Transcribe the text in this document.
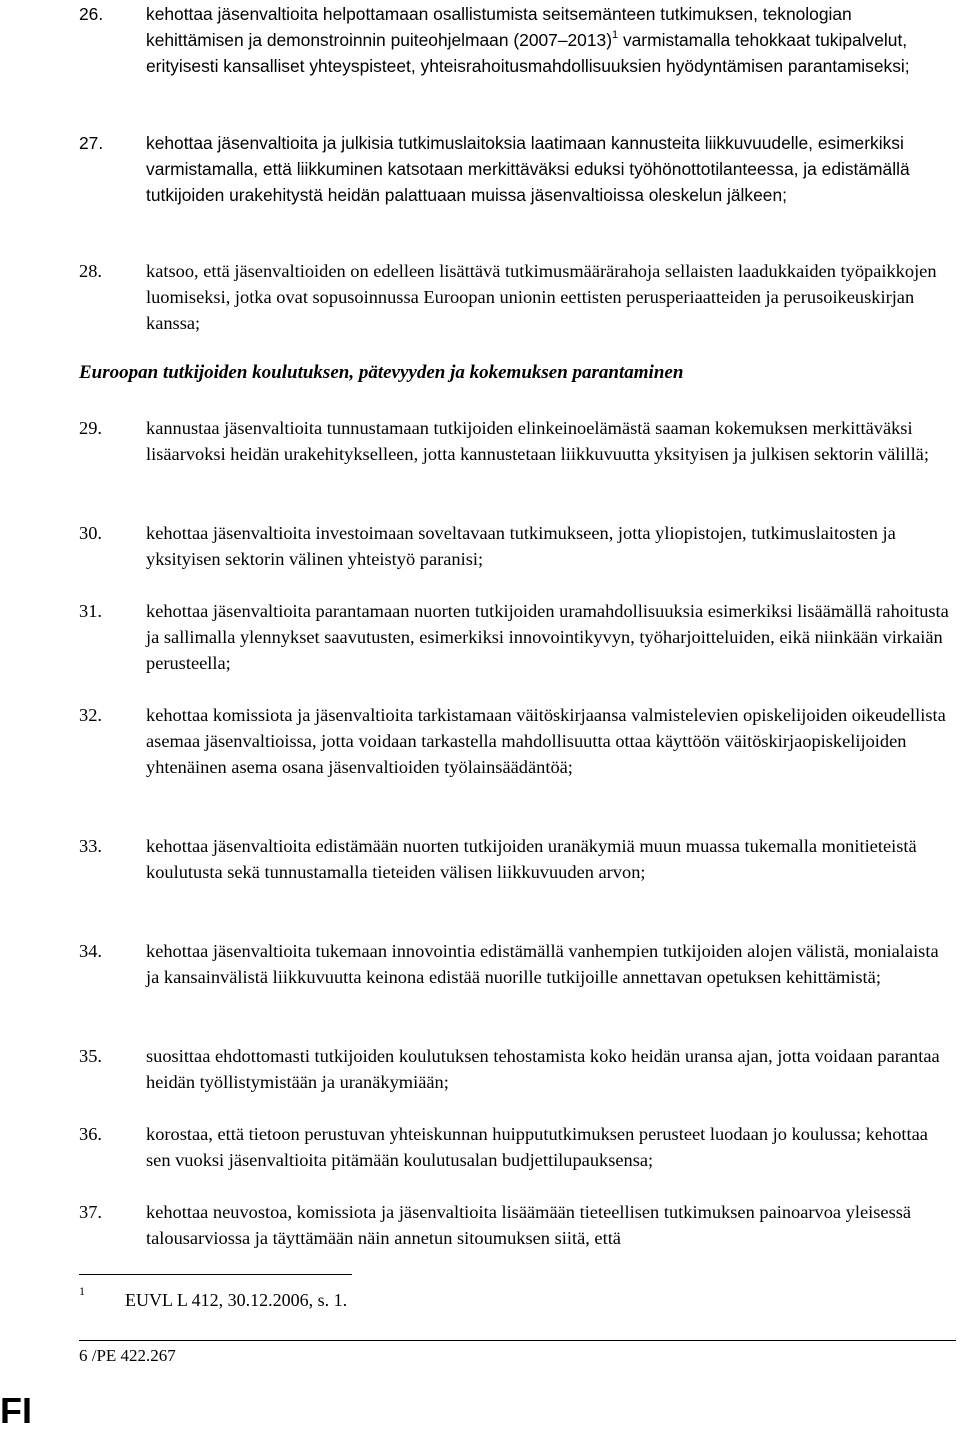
26.	kehottaa jäsenvaltioita helpottamaan osallistumista seitsemänteen tutkimuksen, teknologian kehittämisen ja demonstroinnin puiteohjelmaan (2007–2013)$^1$ varmistamalla tehokkaat tukipalvelut, erityisesti kansalliset yhteyspisteet, yhteisrahoitusmahdollisuuksien hyödyntämisen parantamiseksi;
27.	kehottaa jäsenvaltioita ja julkisia tutkimuslaitoksia laatimaan kannusteita liikkuvuudelle, esimerkiksi varmistamalla, että liikkuminen katsotaan merkittäväksi eduksi työhönottotilanteessa, ja edistämällä tutkijoiden urakehitystä heidän palattuaan muissa jäsenvaltioissa oleskelun jälkeen;
28.	katsoo, että jäsenvaltioiden on edelleen lisättävä tutkimusmäärärahoja sellaisten laadukkaiden työpaikkojen luomiseksi, jotka ovat sopusoinnussa Euroopan unionin eettisten perusperiaatteiden ja perusoikeuskirjan kanssa;
Euroopan tutkijoiden koulutuksen, pätevyyden ja kokemuksen parantaminen
29.	kannustaa jäsenvaltioita tunnustamaan tutkijoiden elinkeinoelämästä saaman kokemuksen merkittäväksi lisäarvoksi heidän urakehitykselleen, jotta kannustetaan liikkuvuutta yksityisen ja julkisen sektorin välillä;
30.	kehottaa jäsenvaltioita investoimaan soveltavaan tutkimukseen, jotta yliopistojen, tutkimuslaitosten ja yksityisen sektorin välinen yhteistyö paranisi;
31.	kehottaa jäsenvaltioita parantamaan nuorten tutkijoiden uramahdollisuuksia esimerkiksi lisäämällä rahoitusta ja sallimalla ylennykset saavutusten, esimerkiksi innovointikyvyn, työharjoitteluiden, eikä niinkään virkaiän perusteella;
32.	kehottaa komissiota ja jäsenvaltioita tarkistamaan väitöskirjaansa valmistelevien opiskelijoiden oikeudellista asemaa jäsenvaltioissa, jotta voidaan tarkastella mahdollisuutta ottaa käyttöön väitöskirjaopiskelijoiden yhtenäinen asema osana jäsenvaltioiden työlainsäädäntöä;
33.	kehottaa jäsenvaltioita edistämään nuorten tutkijoiden uranäkymiä muun muassa tukemalla monitieteistä koulutusta sekä tunnustamalla tieteiden välisen liikkuvuuden arvon;
34.	kehottaa jäsenvaltioita tukemaan innovointia edistämällä vanhempien tutkijoiden alojen välistä, monialaista ja kansainvälistä liikkuvuutta keinona edistää nuorille tutkijoille annettavan opetuksen kehittämistä;
35.	suosittaa ehdottomasti tutkijoiden koulutuksen tehostamista koko heidän uransa ajan, jotta voidaan parantaa heidän työllistymistään ja uranäkymiään;
36.	korostaa, että tietoon perustuvan yhteiskunnan huippututkimuksen perusteet luodaan jo koulussa; kehottaa sen vuoksi jäsenvaltioita pitämään koulutusalan budjettilupauksensa;
37.	kehottaa neuvostoa, komissiota ja jäsenvaltioita lisäämään tieteellisen tutkimuksen painoarvoa yleisessä talousarviossa ja täyttämään näin annetun sitoumuksen siitä, että
1 EUVL L 412, 30.12.2006, s. 1.
6 /PE 422.267
FI
